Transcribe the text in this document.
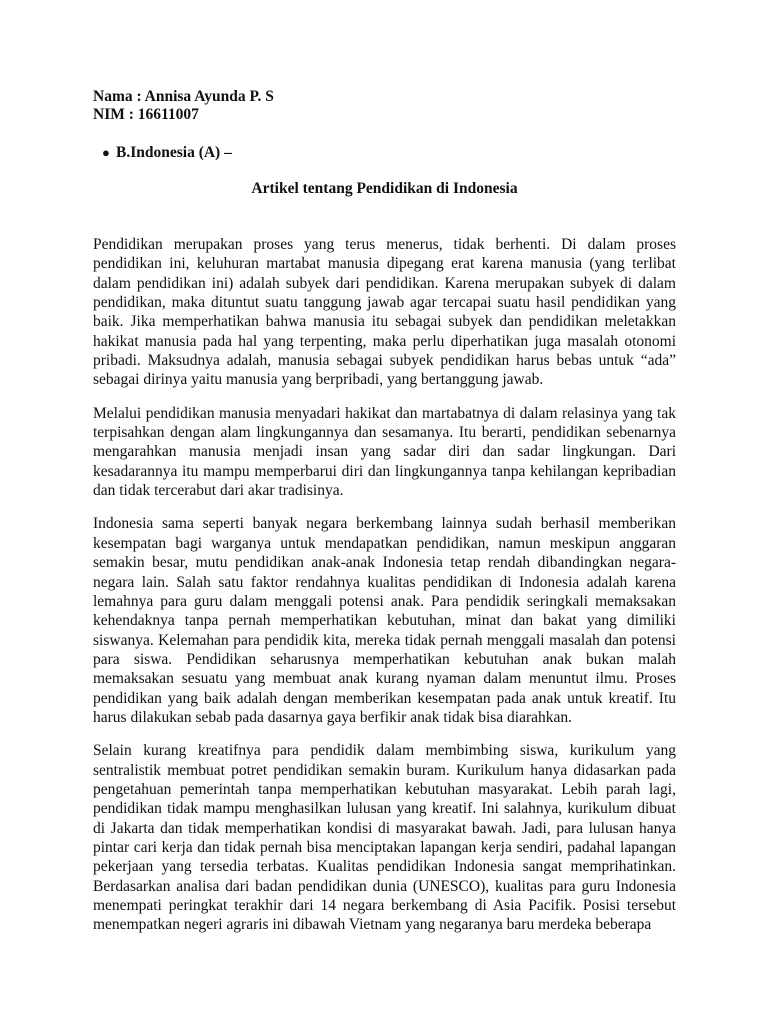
Nama : Annisa Ayunda P. S

NIM : 16611007

● B.Indonesia (A) –

Artikel tentang Pendidikan di Indonesia

Pendidikan merupakan proses yang terus menerus, tidak berhenti. Di dalam proses pendidikan ini, keluhuran martabat manusia dipegang erat karena manusia (yang terlibat dalam pendidikan ini) adalah subyek dari pendidikan. Karena merupakan subyek di dalam pendidikan, maka dituntut suatu tanggung jawab agar tercapai suatu hasil pendidikan yang baik. Jika memperhatikan bahwa manusia itu sebagai subyek dan pendidikan meletakkan hakikat manusia pada hal yang terpenting, maka perlu diperhatikan juga masalah otonomi pribadi. Maksudnya adalah, manusia sebagai subyek pendidikan harus bebas untuk “ada” sebagai dirinya yaitu manusia yang berpribadi, yang bertanggung jawab.

Melalui pendidikan manusia menyadari hakikat dan martabatnya di dalam relasinya yang tak terpisahkan dengan alam lingkungannya dan sesamanya. Itu berarti, pendidikan sebenarnya mengarahkan manusia menjadi insan yang sadar diri dan sadar lingkungan. Dari kesadarannya itu mampu memperbarui diri dan lingkungannya tanpa kehilangan kepribadian dan tidak tercerabut dari akar tradisinya.

Indonesia sama seperti banyak negara berkembang lainnya sudah berhasil memberikan kesempatan bagi warganya untuk mendapatkan pendidikan, namun meskipun anggaran semakin besar, mutu pendidikan anak-anak Indonesia tetap rendah dibandingkan negara-negara lain. Salah satu faktor rendahnya kualitas pendidikan di Indonesia adalah karena lemahnya para guru dalam menggali potensi anak. Para pendidik seringkali memaksakan kehendaknya tanpa pernah memperhatikan kebutuhan, minat dan bakat yang dimiliki siswanya. Kelemahan para pendidik kita, mereka tidak pernah menggali masalah dan potensi para siswa. Pendidikan seharusnya memperhatikan kebutuhan anak bukan malah memaksakan sesuatu yang membuat anak kurang nyaman dalam menuntut ilmu. Proses pendidikan yang baik adalah dengan memberikan kesempatan pada anak untuk kreatif. Itu harus dilakukan sebab pada dasarnya gaya berfikir anak tidak bisa diarahkan.

Selain kurang kreatifnya para pendidik dalam membimbing siswa, kurikulum yang sentralistik membuat potret pendidikan semakin buram. Kurikulum hanya didasarkan pada pengetahuan pemerintah tanpa memperhatikan kebutuhan masyarakat. Lebih parah lagi, pendidikan tidak mampu menghasilkan lulusan yang kreatif. Ini salahnya, kurikulum dibuat di Jakarta dan tidak memperhatikan kondisi di masyarakat bawah. Jadi, para lulusan hanya pintar cari kerja dan tidak pernah bisa menciptakan lapangan kerja sendiri, padahal lapangan pekerjaan yang tersedia terbatas. Kualitas pendidikan Indonesia sangat memprihatinkan. Berdasarkan analisa dari badan pendidikan dunia (UNESCO), kualitas para guru Indonesia menempati peringkat terakhir dari 14 negara berkembang di Asia Pacifik. Posisi tersebut menempatkan negeri agraris ini dibawah Vietnam yang negaranya baru merdeka beberapa
